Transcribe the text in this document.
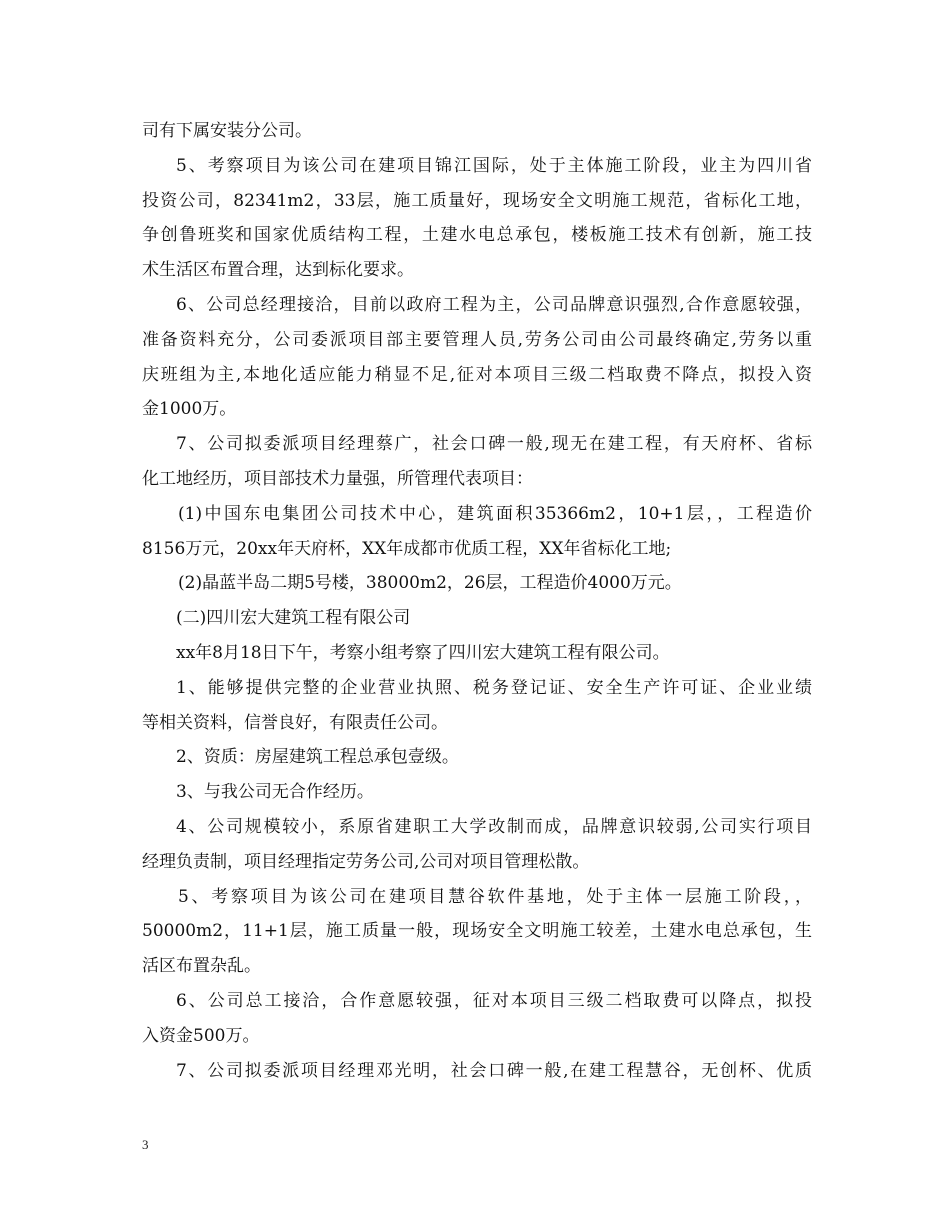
司有下属安装分公司。
5、考察项目为该公司在建项目锦江国际，处于主体施工阶段，业主为四川省
投资公司，82341m2，33层，施工质量好，现场安全文明施工规范，省标化工地，
争创鲁班奖和国家优质结构工程，土建水电总承包，楼板施工技术有创新，施工技
术生活区布置合理，达到标化要求。
6、公司总经理接洽，目前以政府工程为主，公司品牌意识强烈,合作意愿较强，
准备资料充分，公司委派项目部主要管理人员,劳务公司由公司最终确定,劳务以重
庆班组为主,本地化适应能力稍显不足,征对本项目三级二档取费不降点，拟投入资
金1000万。
7、公司拟委派项目经理蔡广，社会口碑一般,现无在建工程，有天府杯、省标
化工地经历，项目部技术力量强，所管理代表项目：
(1)中国东电集团公司技术中心，建筑面积35366m2，10+1层，，工程造价
8156万元，20xx年天府杯，XX年成都市优质工程，XX年省标化工地;
(2)晶蓝半岛二期5号楼，38000m2，26层，工程造价4000万元。
(二)四川宏大建筑工程有限公司
xx年8月18日下午，考察小组考察了四川宏大建筑工程有限公司。
1、能够提供完整的企业营业执照、税务登记证、安全生产许可证、企业业绩
等相关资料，信誉良好，有限责任公司。
2、资质：房屋建筑工程总承包壹级。
3、与我公司无合作经历。
4、公司规模较小，系原省建职工大学改制而成，品牌意识较弱,公司实行项目
经理负责制，项目经理指定劳务公司,公司对项目管理松散。
5、考察项目为该公司在建项目慧谷软件基地，处于主体一层施工阶段，，
50000m2，11+1层，施工质量一般，现场安全文明施工较差，土建水电总承包，生
活区布置杂乱。
6、公司总工接洽，合作意愿较强，征对本项目三级二档取费可以降点，拟投
入资金500万。
7、公司拟委派项目经理邓光明，社会口碑一般,在建工程慧谷，无创杯、优质
3
